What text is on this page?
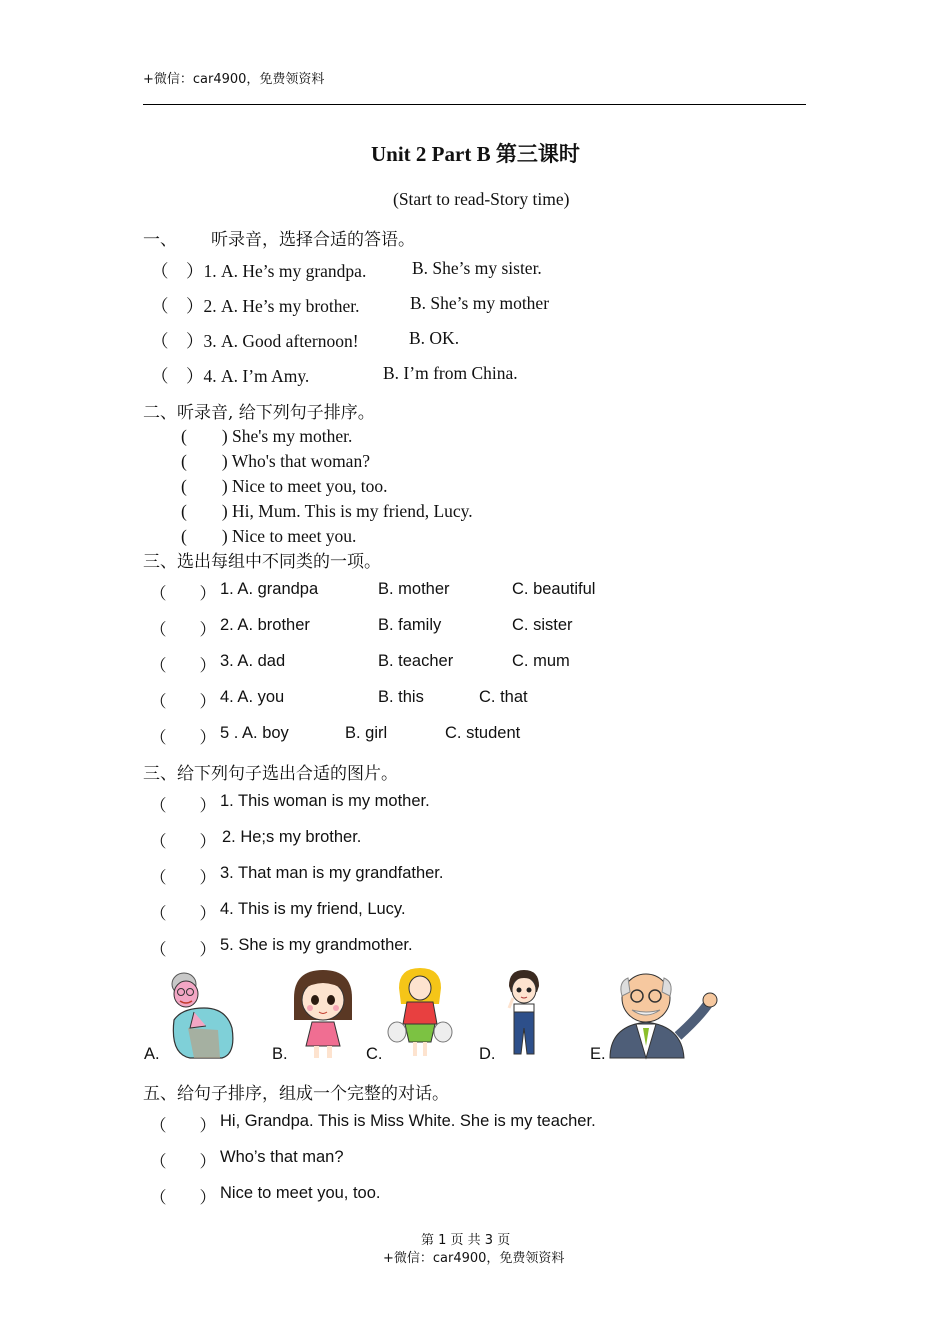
+微信：car4900，免费领资料
Unit 2 Part B 第三课时
(Start to read-Story time)
一、 听录音，选择合适的答语。
（　）1. A. He’s my grandpa.	B. She’s my sister.
（　）2. A. He’s my brother.	B. She’s my mother
（　）3. A. Good afternoon!	B. OK.
（　）4. A. I’m Amy.	B. I’m from China.
二、听录音, 给下列句子排序。
(　　) She's my mother.
(　　) Who's that woman?
(　　) Nice to meet you, too.
(　　) Hi, Mum. This is my friend, Lucy.
(　　) Nice to meet you.
三、选出每组中不同类的一项。
（　　） 1. A. grandpa	B. mother	C. beautiful
（　　） 2. A. brother	B. family	C. sister
（　　） 3. A. dad	B. teacher	C. mum
（　　） 4. A. you	B. this	C. that
（　　） 5 . A. boy	B. girl	C. student
三、给下列句子选出合适的图片。
（　　） 1. This woman is my mother.
（　　） 2. He;s my brother.
（　　） 3. That man is my grandfather.
（　　） 4. This is my friend, Lucy.
（　　） 5. She is my grandmother.
A.	B.	C.	D.	E.
五、给句子排序，组成一个完整的对话。
（　　） Hi, Grandpa. This is Miss White. She is my teacher.
（　　） Who’s that man?
（　　） Nice to meet you, too.
第 1 页 共 3 页
+微信：car4900，免费领资料
